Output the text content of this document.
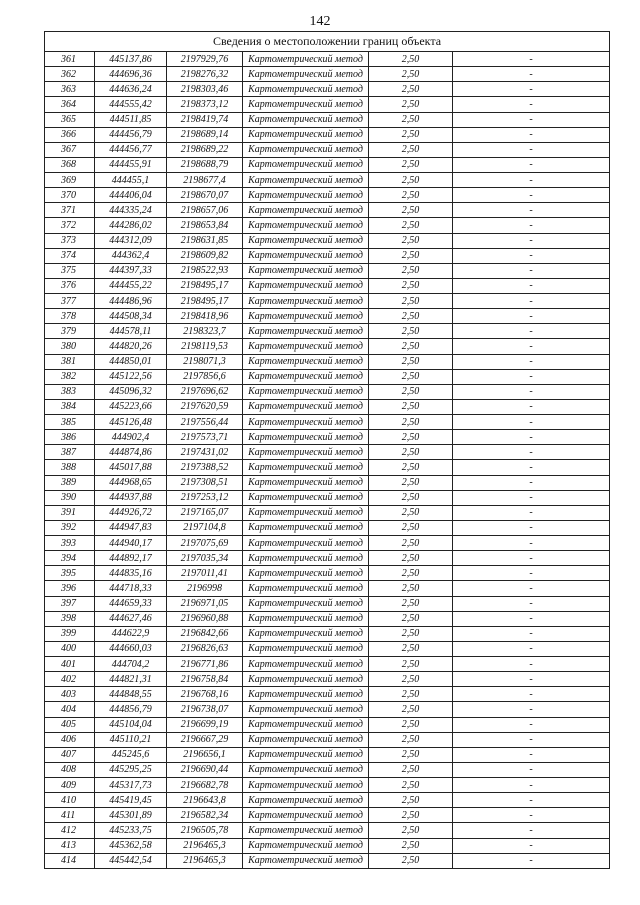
142
Сведения о местоположении границ объекта					
361	445137,86	2197929,76	Картометрический метод	2,50	-
362	444696,36	2198276,32	Картометрический метод	2,50	-
363	444636,24	2198303,46	Картометрический метод	2,50	-
364	444555,42	2198373,12	Картометрический метод	2,50	-
365	444511,85	2198419,74	Картометрический метод	2,50	-
366	444456,79	2198689,14	Картометрический метод	2,50	-
367	444456,77	2198689,22	Картометрический метод	2,50	-
368	444455,91	2198688,79	Картометрический метод	2,50	-
369	444455,1	2198677,4	Картометрический метод	2,50	-
370	444406,04	2198670,07	Картометрический метод	2,50	-
371	444335,24	2198657,06	Картометрический метод	2,50	-
372	444286,02	2198653,84	Картометрический метод	2,50	-
373	444312,09	2198631,85	Картометрический метод	2,50	-
374	444362,4	2198609,82	Картометрический метод	2,50	-
375	444397,33	2198522,93	Картометрический метод	2,50	-
376	444455,22	2198495,17	Картометрический метод	2,50	-
377	444486,96	2198495,17	Картометрический метод	2,50	-
378	444508,34	2198418,96	Картометрический метод	2,50	-
379	444578,11	2198323,7	Картометрический метод	2,50	-
380	444820,26	2198119,53	Картометрический метод	2,50	-
381	444850,01	2198071,3	Картометрический метод	2,50	-
382	445122,56	2197856,6	Картометрический метод	2,50	-
383	445096,32	2197696,62	Картометрический метод	2,50	-
384	445223,66	2197620,59	Картометрический метод	2,50	-
385	445126,48	2197556,44	Картометрический метод	2,50	-
386	444902,4	2197573,71	Картометрический метод	2,50	-
387	444874,86	2197431,02	Картометрический метод	2,50	-
388	445017,88	2197388,52	Картометрический метод	2,50	-
389	444968,65	2197308,51	Картометрический метод	2,50	-
390	444937,88	2197253,12	Картометрический метод	2,50	-
391	444926,72	2197165,07	Картометрический метод	2,50	-
392	444947,83	2197104,8	Картометрический метод	2,50	-
393	444940,17	2197075,69	Картометрический метод	2,50	-
394	444892,17	2197035,34	Картометрический метод	2,50	-
395	444835,16	2197011,41	Картометрический метод	2,50	-
396	444718,33	2196998	Картометрический метод	2,50	-
397	444659,33	2196971,05	Картометрический метод	2,50	-
398	444627,46	2196960,88	Картометрический метод	2,50	-
399	444622,9	2196842,66	Картометрический метод	2,50	-
400	444660,03	2196826,63	Картометрический метод	2,50	-
401	444704,2	2196771,86	Картометрический метод	2,50	-
402	444821,31	2196758,84	Картометрический метод	2,50	-
403	444848,55	2196768,16	Картометрический метод	2,50	-
404	444856,79	2196738,07	Картометрический метод	2,50	-
405	445104,04	2196699,19	Картометрический метод	2,50	-
406	445110,21	2196667,29	Картометрический метод	2,50	-
407	445245,6	2196656,1	Картометрический метод	2,50	-
408	445295,25	2196690,44	Картометрический метод	2,50	-
409	445317,73	2196682,78	Картометрический метод	2,50	-
410	445419,45	2196643,8	Картометрический метод	2,50	-
411	445301,89	2196582,34	Картометрический метод	2,50	-
412	445233,75	2196505,78	Картометрический метод	2,50	-
413	445362,58	2196465,3	Картометрический метод	2,50	-
414	445442,54	2196465,3	Картометрический метод	2,50	-
